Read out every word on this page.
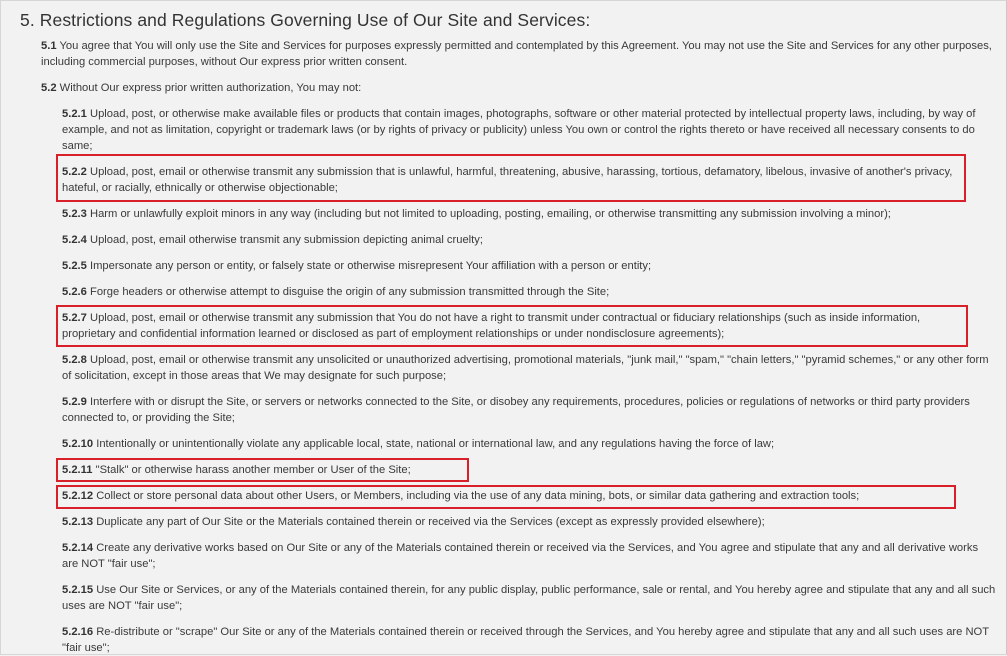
5. Restrictions and Regulations Governing Use of Our Site and Services:

5.1 You agree that You will only use the Site and Services for purposes expressly permitted and contemplated by this Agreement. You may not use the Site and Services for any other purposes, including commercial purposes, without Our express prior written consent.

5.2 Without Our express prior written authorization, You may not:

5.2.1 Upload, post, or otherwise make available files or products that contain images, photographs, software or other material protected by intellectual property laws, including, by way of example, and not as limitation, copyright or trademark laws (or by rights of privacy or publicity) unless You own or control the rights thereto or have received all necessary consents to do same;

5.2.2 Upload, post, email or otherwise transmit any submission that is unlawful, harmful, threatening, abusive, harassing, tortious, defamatory, libelous, invasive of another's privacy, hateful, or racially, ethnically or otherwise objectionable;

5.2.3 Harm or unlawfully exploit minors in any way (including but not limited to uploading, posting, emailing, or otherwise transmitting any submission involving a minor);

5.2.4 Upload, post, email otherwise transmit any submission depicting animal cruelty;

5.2.5 Impersonate any person or entity, or falsely state or otherwise misrepresent Your affiliation with a person or entity;

5.2.6 Forge headers or otherwise attempt to disguise the origin of any submission transmitted through the Site;

5.2.7 Upload, post, email or otherwise transmit any submission that You do not have a right to transmit under contractual or fiduciary relationships (such as inside information, proprietary and confidential information learned or disclosed as part of employment relationships or under nondisclosure agreements);

5.2.8 Upload, post, email or otherwise transmit any unsolicited or unauthorized advertising, promotional materials, "junk mail," "spam," "chain letters," "pyramid schemes," or any other form of solicitation, except in those areas that We may designate for such purpose;

5.2.9 Interfere with or disrupt the Site, or servers or networks connected to the Site, or disobey any requirements, procedures, policies or regulations of networks or third party providers connected to, or providing the Site;

5.2.10 Intentionally or unintentionally violate any applicable local, state, national or international law, and any regulations having the force of law;

5.2.11 "Stalk" or otherwise harass another member or User of the Site;

5.2.12 Collect or store personal data about other Users, or Members, including via the use of any data mining, bots, or similar data gathering and extraction tools;

5.2.13 Duplicate any part of Our Site or the Materials contained therein or received via the Services (except as expressly provided elsewhere);

5.2.14 Create any derivative works based on Our Site or any of the Materials contained therein or received via the Services, and You agree and stipulate that any and all derivative works are NOT "fair use";

5.2.15 Use Our Site or Services, or any of the Materials contained therein, for any public display, public performance, sale or rental, and You hereby agree and stipulate that any and all such uses are NOT "fair use";

5.2.16 Re-distribute or "scrape" Our Site or any of the Materials contained therein or received through the Services, and You hereby agree and stipulate that any and all such uses are NOT "fair use";
